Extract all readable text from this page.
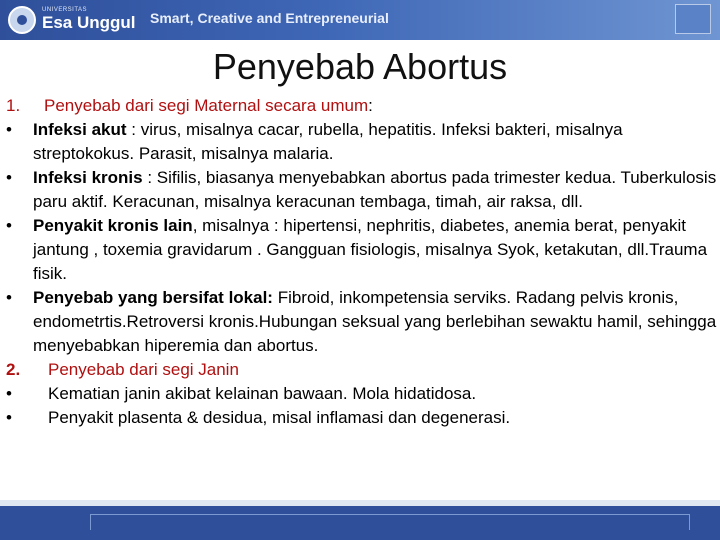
UNIVERSITAS
Esa Unggul Smart, Creative and Entrepreneurial
Penyebab Abortus
1.	Penyebab dari segi Maternal secara umum:
•	Infeksi akut : virus, misalnya cacar, rubella, hepatitis. Infeksi bakteri, misalnya streptokokus. Parasit, misalnya malaria.
•	Infeksi kronis : Sifilis, biasanya menyebabkan abortus pada trimester kedua. Tuberkulosis paru aktif. Keracunan, misalnya keracunan tembaga, timah, air raksa, dll.
•	Penyakit kronis lain, misalnya : hipertensi, nephritis, diabetes, anemia berat, penyakit jantung , toxemia gravidarum . Gangguan fisiologis, misalnya Syok, ketakutan, dll.Trauma fisik.
•	Penyebab yang bersifat lokal: Fibroid, inkompetensia serviks. Radang pelvis kronis, endometrtis.Retroversi kronis.Hubungan seksual yang berlebihan sewaktu hamil, sehingga menyebabkan hiperemia dan abortus.
2.	Penyebab dari segi Janin
•	Kematian janin akibat kelainan bawaan. Mola hidatidosa.
•	Penyakit plasenta & desidua, misal inflamasi dan degenerasi.
